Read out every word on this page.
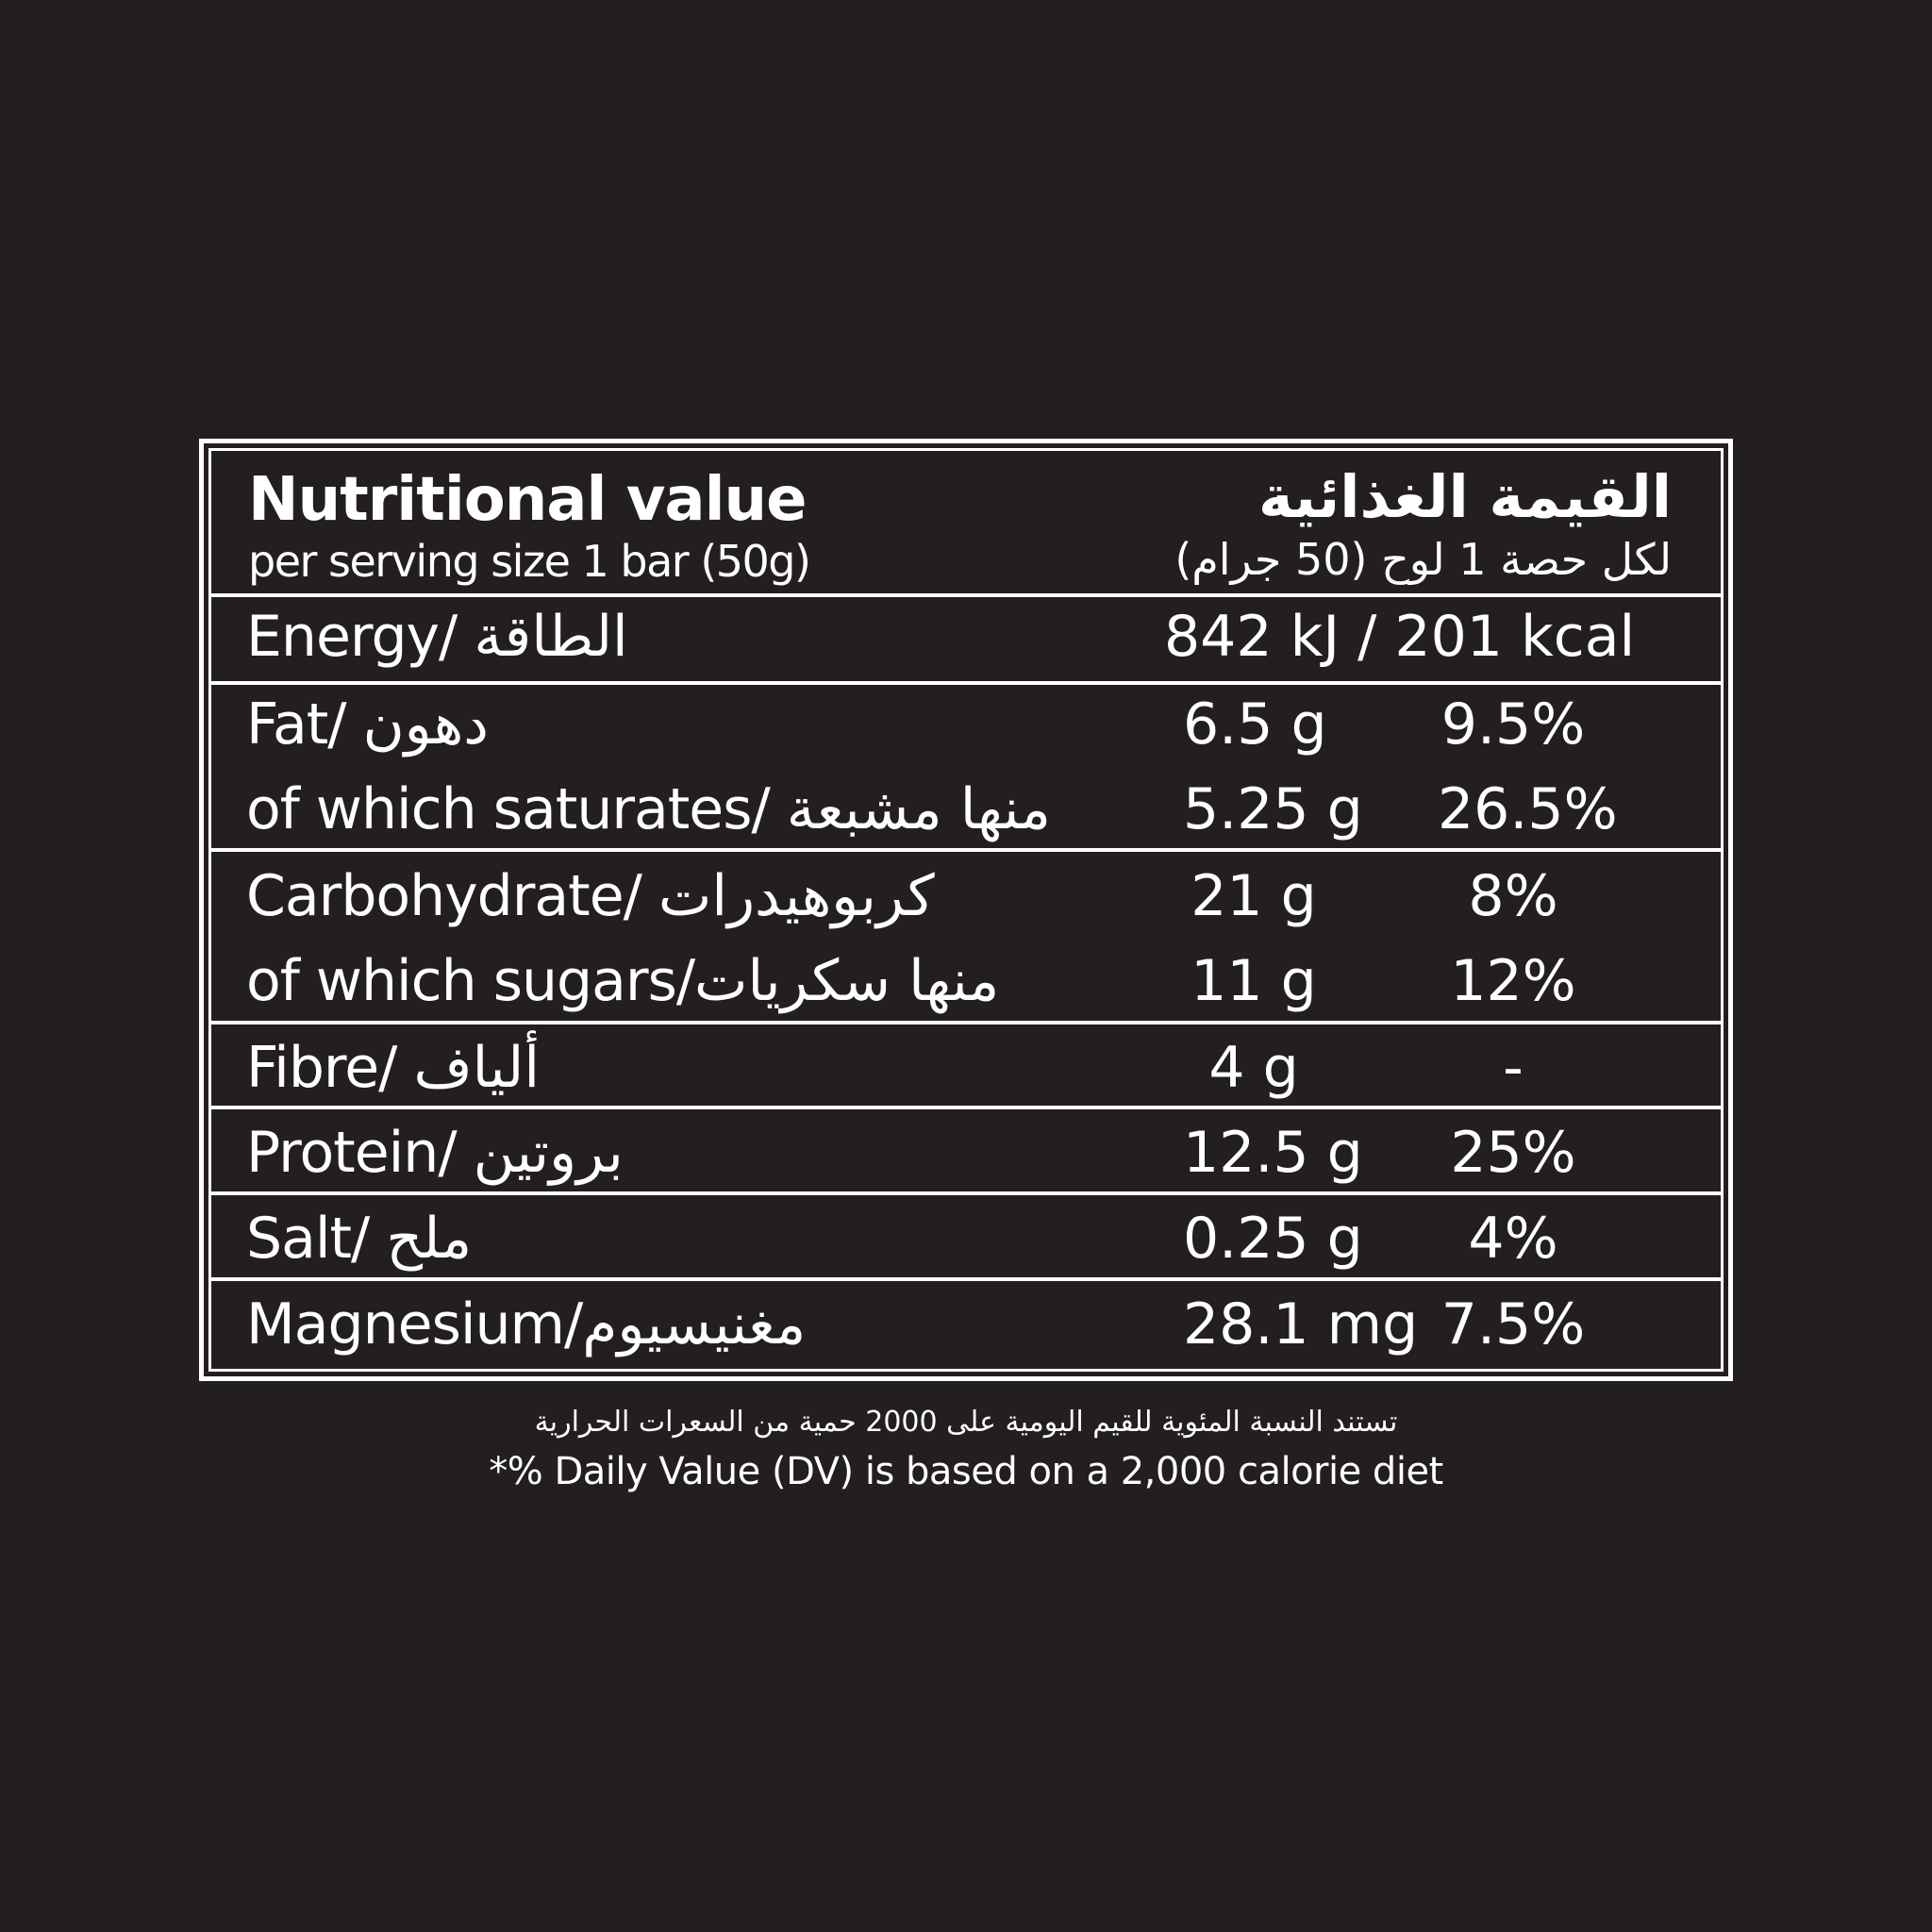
Nutritional value
per serving size 1 bar (50g)
القيمة الغذائية
لكل حصة 1 لوح (50 جرام)
Energy/ الطاقة	842 kJ / 201 kcal
Fat/ دهون	6.5 g 9.5%
of which saturates/ منها مشبعة 5.25 g 26.5%
Carbohydrate/ كربوهيدرات	21 g	8%
of which sugars/منها سكريات	11 g 12%
Fibre/ ألياف	4 g	-
Protein/ بروتين	12.5 g 25%
Salt/ ملح	0.25 g	4%
Magnesium/مغنيسيوم	28.1 mg 7.5%
تستند النسبة المئوية للقيم اليومية على 2000 حمية من السعرات الحرارية
*% Daily Value (DV) is based on a 2,000 calorie diet
